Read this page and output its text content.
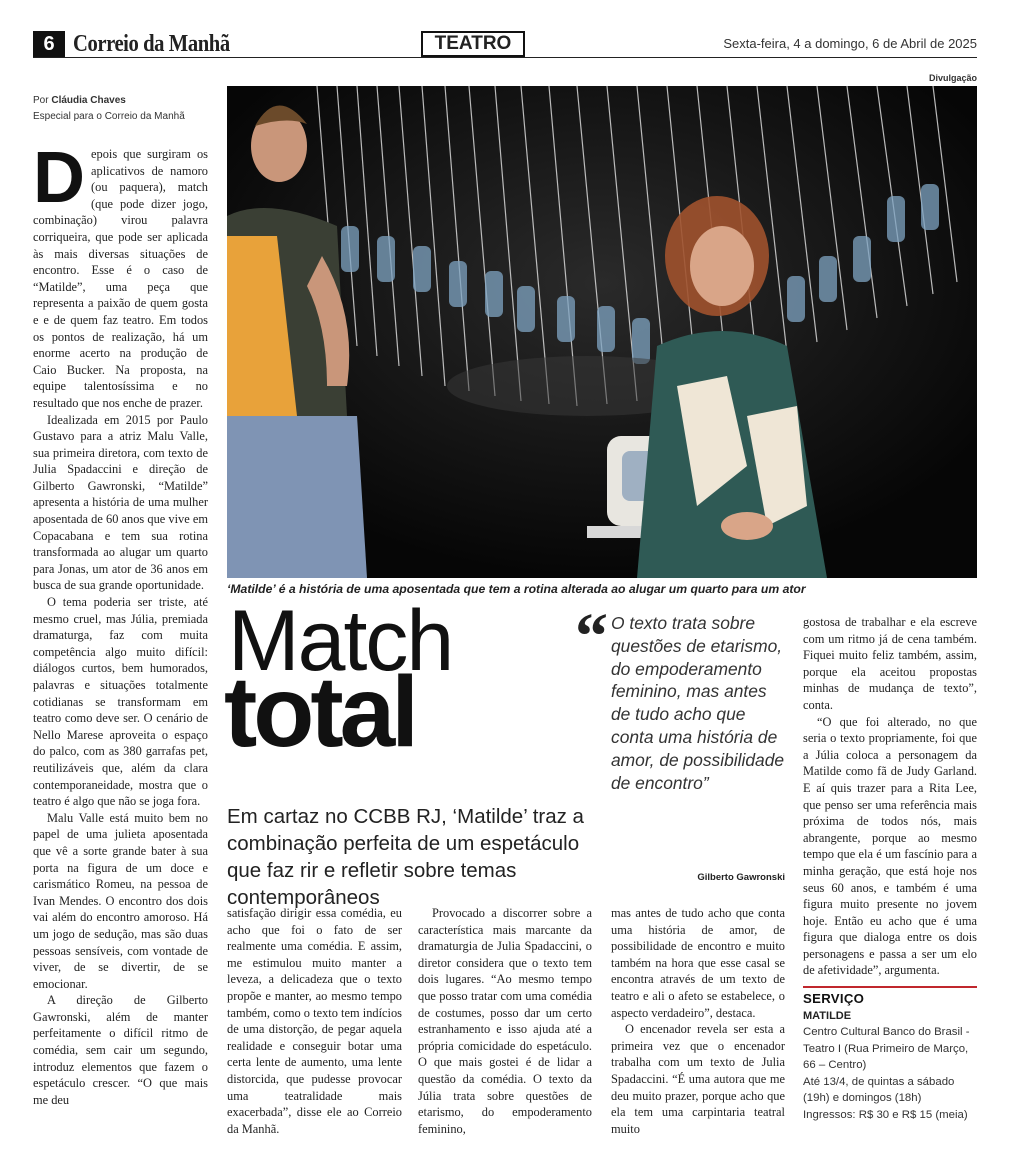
6 Correio da Manhã	TEATRO	Sexta-feira, 4 a domingo, 6 de Abril de 2025
Divulgação
‘Matilde’ é a história de uma aposentada que tem a rotina alterada ao alugar um quarto para um ator
Por Cláudia Chaves
Especial para o Correio da Manhã

Depois que surgiram os aplicativos de namoro (ou paquera), match (que pode dizer jogo, combinação) virou palavra corriqueira, que pode ser aplicada às mais diversas situações de encontro. Esse é o caso de “Matilde”, uma peça que representa a paixão de quem gosta e e de quem faz teatro. Em todos os pontos de realização, há um enorme acerto na produção de Caio Bucker. Na proposta, na equipe talentosíssima e no resultado que nos enche de prazer.

Idealizada em 2015 por Paulo Gustavo para a atriz Malu Valle, sua primeira diretora, com texto de Julia Spadaccini e direção de Gilberto Gawronski, “Matilde” apresenta a história de uma mulher aposentada de 60 anos que vive em Copacabana e tem sua rotina transformada ao alugar um quarto para Jonas, um ator de 36 anos em busca de sua grande oportunidade.

O tema poderia ser triste, até mesmo cruel, mas Júlia, premiada dramaturga, faz com muita competência algo muito difícil: diálogos curtos, bem humorados, palavras e situações totalmente cotidianas se transformam em teatro como deve ser. O cenário de Nello Marese aproveita o espaço do palco, com as 380 garrafas pet, reutilizáveis que, além da clara contemporaneidade, mostra que o teatro é algo que não se joga fora.

Malu Valle está muito bem no papel de uma julieta aposentada que vê a sorte grande bater à sua porta na figura de um doce e carismático Romeu, na pessoa de Ivan Mendes. O encontro dos dois vai além do encontro amoroso. Há um jogo de sedução, mas são duas pessoas sensíveis, com vontade de viver, de se divertir, de se emocionar.

A direção de Gilberto Gawronski, além de manter perfeitamente o difícil ritmo de comédia, sem cair um segundo, introduz elementos que fazem o espetáculo crescer. “O que mais me deu

Match
total
Em cartaz no CCBB RJ, ‘Matilde’ traz a combinação perfeita de um espetáculo que faz rir e refletir sobre temas contemporâneos
“ O texto trata sobre questões de etarismo, do empoderamento feminino, mas antes de tudo acho que conta uma história de amor, de possibilidade de encontro”
Gilberto Gawronski

satisfação dirigir essa comédia, eu acho que foi o fato de ser realmente uma comédia. E assim, me estimulou muito manter a leveza, a delicadeza que o texto propõe e manter, ao mesmo tempo também, como o texto tem indícios de uma distorção, de pegar aquela realidade e conseguir botar uma certa lente de aumento, uma lente distorcida, que pudesse provocar uma teatralidade mais exacerbada”, disse ele ao Correio da Manhã.

Provocado a discorrer sobre a característica mais marcante da dramaturgia de Julia Spadaccini, o diretor considera que o texto tem dois lugares. “Ao mesmo tempo que posso tratar com uma comédia de costumes, posso dar um certo estranhamento e isso ajuda até a própria comicidade do espetáculo. O que mais gostei é de lidar a questão da comédia. O texto da Júlia trata sobre questões de etarismo, do empoderamento feminino,

mas antes de tudo acho que conta uma história de amor, de possibilidade de encontro e muito também na hora que esse casal se encontra através de um texto de teatro e ali o afeto se estabelece, o aspecto verdadeiro”, destaca.

O encenador revela ser esta a primeira vez que o encenador trabalha com um texto de Julia Spadaccini. “É uma autora que me deu muito prazer, porque acho que ela tem uma carpintaria teatral muito

gostosa de trabalhar e ela escreve com um ritmo já de cena também. Fiquei muito feliz também, assim, porque ela aceitou propostas minhas de mudança de texto”, conta.

“O que foi alterado, no que seria o texto propriamente, foi que a Júlia coloca a personagem da Matilde como fã de Judy Garland. E aí quis trazer para a Rita Lee, que penso ser uma referência mais próxima de todos nós, mais abrangente, porque ao mesmo tempo que ela é um fascínio para a minha geração, que está hoje nos seus 60 anos, e também é uma figura muito presente no jovem hoje. Então eu acho que é uma figura que dialoga entre os dois personagens e passa a ser um elo de afetividade”, argumenta.

SERVIÇO
MATILDE
Centro Cultural Banco do Brasil - Teatro I (Rua Primeiro de Março, 66 – Centro)
Até 13/4, de quintas a sábado (19h) e domingos (18h)
Ingressos: R$ 30 e R$ 15 (meia)
